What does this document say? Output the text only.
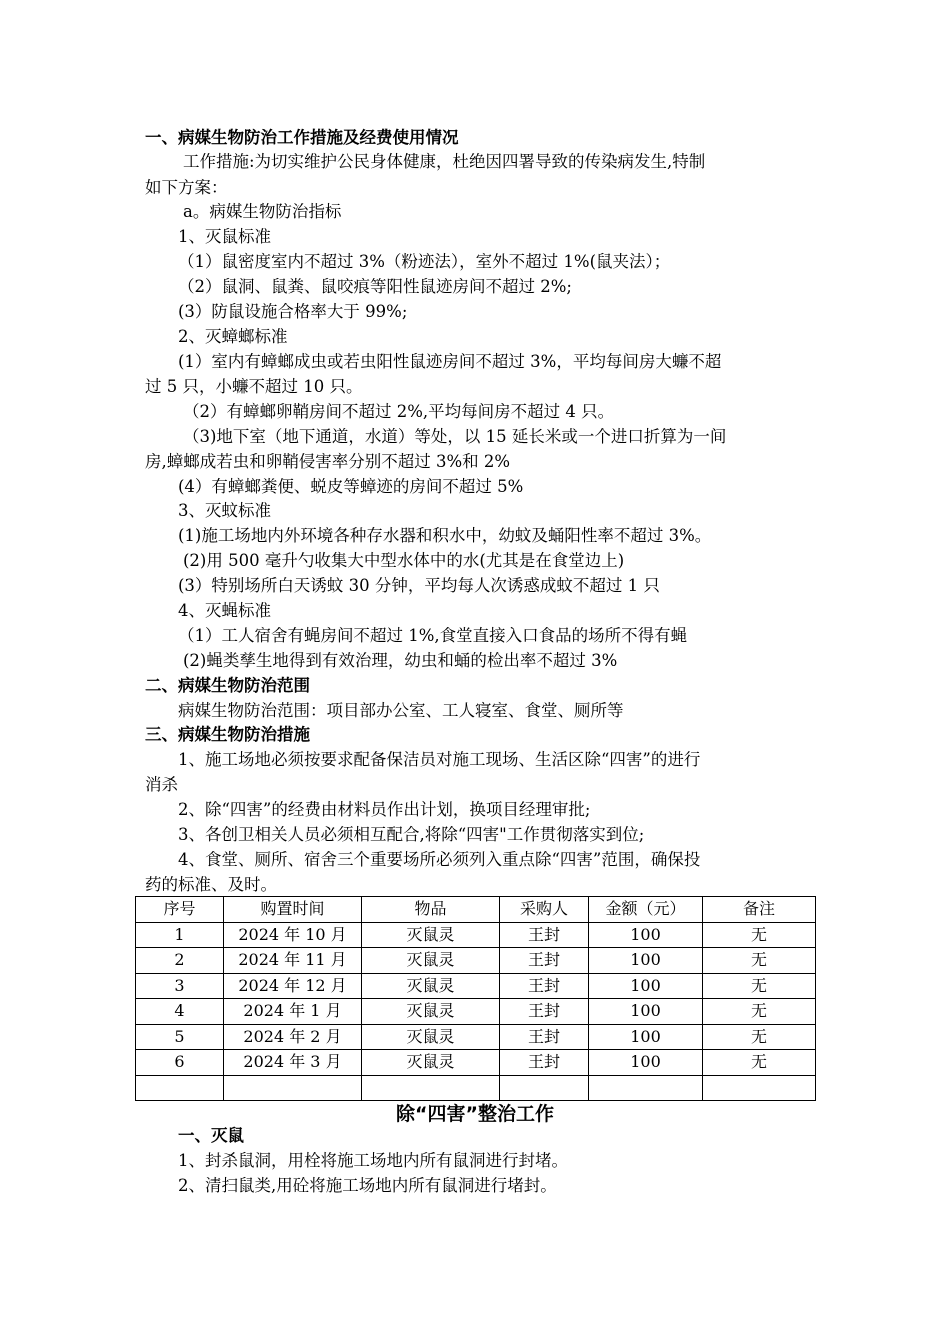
一、病媒生物防治工作措施及经费使用情况
工作措施:为切实维护公民身体健康，杜绝因四署导致的传染病发生,特制
如下方案：
a。病媒生物防治指标
1、灭鼠标准
（1）鼠密度室内不超过 3%（粉迹法），室外不超过 1%(鼠夹法）；
（2）鼠洞、鼠粪、鼠咬痕等阳性鼠迹房间不超过 2%;
(3）防鼠设施合格率大于 99%;
2、灭蟑螂标准
(1）室内有蟑螂成虫或若虫阳性鼠迹房间不超过 3%，平均每间房大蠊不超
过 5 只，小蠊不超过 10 只。
（2）有蟑螂卵鞘房间不超过 2%,平均每间房不超过 4 只。
（3)地下室（地下通道，水道）等处，以 15 延长米或一个进口折算为一间
房,蟑螂成若虫和卵鞘侵害率分别不超过 3%和 2%
(4）有蟑螂粪便、蜕皮等蟑迹的房间不超过 5%
3、灭蚊标准
(1)施工场地内外环境各种存水器和积水中，幼蚊及蛹阳性率不超过 3%。
(2)用 500 毫升勺收集大中型水体中的水(尤其是在食堂边上)
(3）特别场所白天诱蚊 30 分钟，平均每人次诱惑成蚊不超过 1 只
4、灭蝇标准
（1）工人宿舍有蝇房间不超过 1%,食堂直接入口食品的场所不得有蝇
(2)蝇类孳生地得到有效治理，幼虫和蛹的检出率不超过 3%
二、病媒生物防治范围
病媒生物防治范围：项目部办公室、工人寝室、食堂、厕所等
三、病媒生物防治措施
1、施工场地必须按要求配备保洁员对施工现场、生活区除“四害”的进行
消杀
2、除“四害”的经费由材料员作出计划，换项目经理审批;
3、各创卫相关人员必须相互配合,将除“四害"工作贯彻落实到位;
4、食堂、厕所、宿舍三个重要场所必须列入重点除“四害”范围，确保投
药的标准、及时。
序号	购置时间	物品	采购人	金额（元）	备注
1	2024 年 10 月	灭鼠灵	王封	100	无
2	2024 年 11 月	灭鼠灵	王封	100	无
3	2024 年 12 月	灭鼠灵	王封	100	无
4	2024 年 1 月	灭鼠灵	王封	100	无
5	2024 年 2 月	灭鼠灵	王封	100	无
6	2024 年 3 月	灭鼠灵	王封	100	无

除“四害”整治工作
一、灭鼠
1、封杀鼠洞，用栓将施工场地内所有鼠洞进行封堵。
2、清扫鼠类,用砼将施工场地内所有鼠洞进行堵封。
